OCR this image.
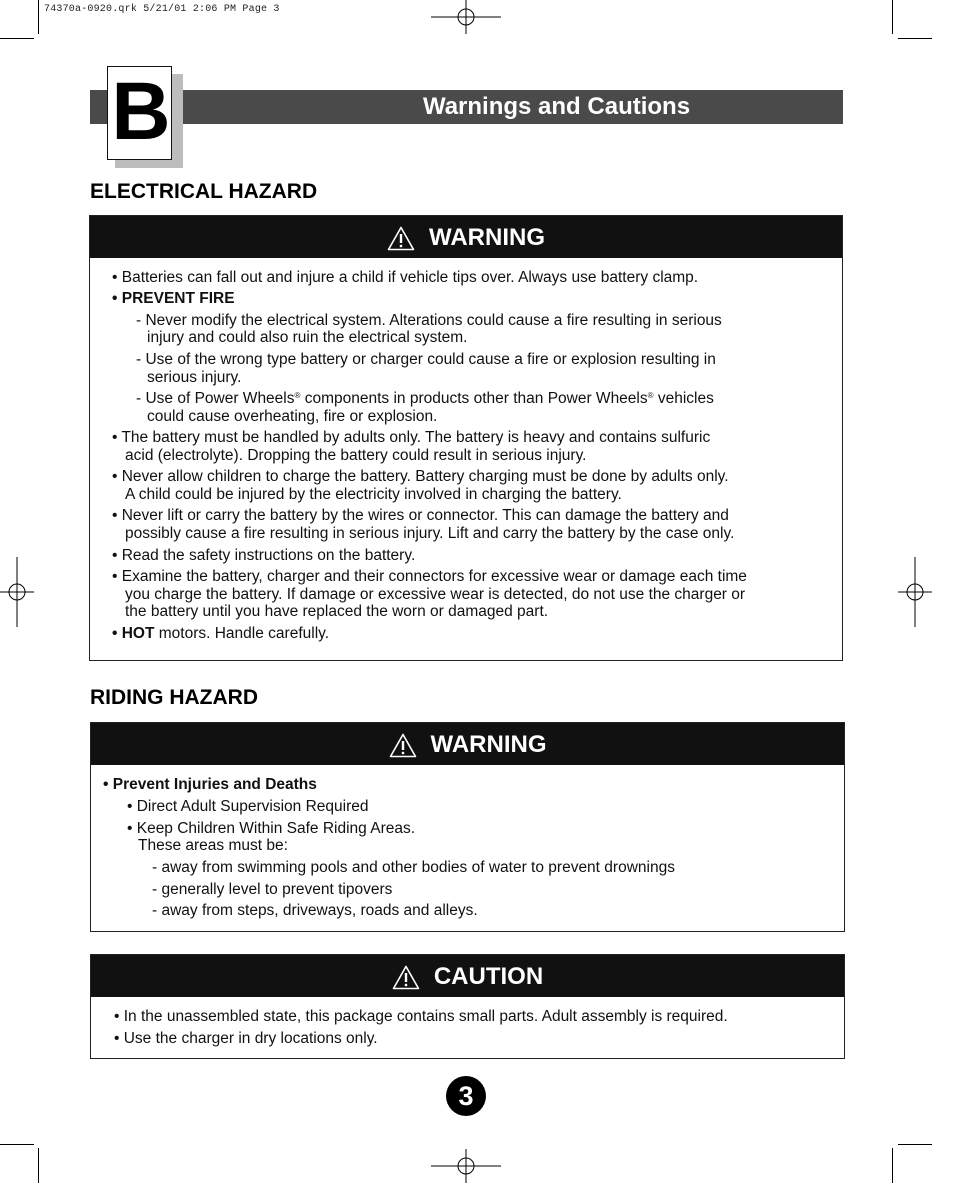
74370a-0920.qrk 5/21/01 2:06 PM Page 3
Warnings and Cautions
B
ELECTRICAL HAZARD
WARNING
• Batteries can fall out and injure a child if vehicle tips over. Always use battery clamp.
• PREVENT FIRE
- Never modify the electrical system. Alterations could cause a fire resulting in serious
injury and could also ruin the electrical system.
- Use of the wrong type battery or charger could cause a fire or explosion resulting in
serious injury.
- Use of Power Wheels® components in products other than Power Wheels® vehicles
could cause overheating, fire or explosion.
• The battery must be handled by adults only. The battery is heavy and contains sulfuric
acid (electrolyte). Dropping the battery could result in serious injury.
• Never allow children to charge the battery. Battery charging must be done by adults only.
A child could be injured by the electricity involved in charging the battery.
• Never lift or carry the battery by the wires or connector. This can damage the battery and
possibly cause a fire resulting in serious injury. Lift and carry the battery by the case only.
• Read the safety instructions on the battery.
• Examine the battery, charger and their connectors for excessive wear or damage each time
you charge the battery. If damage or excessive wear is detected, do not use the charger or
the battery until you have replaced the worn or damaged part.
• HOT motors. Handle carefully.
RIDING HAZARD
WARNING
• Prevent Injuries and Deaths
• Direct Adult Supervision Required
• Keep Children Within Safe Riding Areas.
These areas must be:
- away from swimming pools and other bodies of water to prevent drownings
- generally level to prevent tipovers
- away from steps, driveways, roads and alleys.
CAUTION
• In the unassembled state, this package contains small parts. Adult assembly is required.
• Use the charger in dry locations only.
3
